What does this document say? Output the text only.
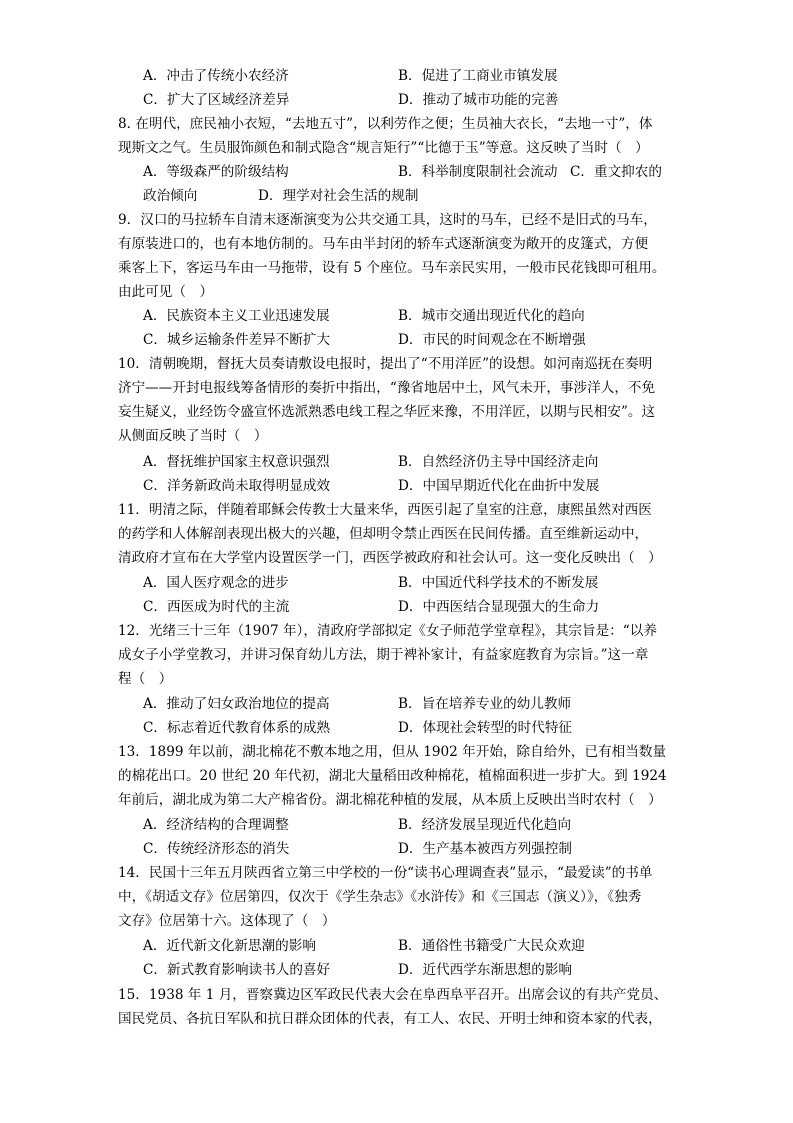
A．冲击了传统小农经济	B．促进了工商业市镇发展
C．扩大了区域经济差异	D．推动了城市功能的完善
8. 在明代，庶民袖小衣短，“去地五寸”，以利劳作之便；生员袖大衣长，“去地一寸”，体
现斯文之气。生员服饰颜色和制式隐含“规言矩行”“比德于玉”等意。这反映了当时（　）
A．等级森严的阶级结构	B．科举制度限制社会流动 C．重文抑农的
政治倾向	D．理学对社会生活的规制
9．汉口的马拉轿车自清末逐渐演变为公共交通工具，这时的马车，已经不是旧式的马车，
有原装进口的，也有本地仿制的。马车由半封闭的轿车式逐渐演变为敞开的皮篷式，方便
乘客上下，客运马车由一马拖带，设有 5 个座位。马车亲民实用，一般市民花钱即可租用。
由此可见（　）
A．民族资本主义工业迅速发展	B．城市交通出现近代化的趋向
C．城乡运输条件差异不断扩大	D．市民的时间观念在不断增强
10．清朝晚期，督抚大员奏请敷设电报时，提出了“不用洋匠”的设想。如河南巡抚在奏明
济宁——开封电报线筹备情形的奏折中指出，“豫省地居中土，风气未开，事涉洋人，不免
妄生疑义，业经饬令盛宣怀选派熟悉电线工程之华匠来豫，不用洋匠，以期与民相安”。这
从侧面反映了当时（　）
A．督抚维护国家主权意识强烈	B．自然经济仍主导中国经济走向
C．洋务新政尚未取得明显成效	D．中国早期近代化在曲折中发展
11．明清之际，伴随着耶稣会传教士大量来华，西医引起了皇室的注意，康熙虽然对西医
的药学和人体解剖表现出极大的兴趣，但却明令禁止西医在民间传播。直至维新运动中，
清政府才宣布在大学堂内设置医学一门，西医学被政府和社会认可。这一变化反映出（　）
A．国人医疗观念的进步	B．中国近代科学技术的不断发展
C．西医成为时代的主流	D．中西医结合显现强大的生命力
12．光绪三十三年（1907 年），清政府学部拟定《女子师范学堂章程》，其宗旨是：“以养
成女子小学堂教习，并讲习保育幼儿方法，期于裨补家计，有益家庭教育为宗旨。”这一章
程（　）
A．推动了妇女政治地位的提高	B．旨在培养专业的幼儿教师
C．标志着近代教育体系的成熟	D．体现社会转型的时代特征
13．1899 年以前，湖北棉花不敷本地之用，但从 1902 年开始，除自给外，已有相当数量
的棉花出口。20 世纪 20 年代初，湖北大量稻田改种棉花，植棉面积进一步扩大。到 1924
年前后，湖北成为第二大产棉省份。湖北棉花种植的发展，从本质上反映出当时农村（　）
A．经济结构的合理调整	B．经济发展呈现近代化趋向
C．传统经济形态的消失	D．生产基本被西方列强控制
14．民国十三年五月陕西省立第三中学校的一份“读书心理调查表”显示，“最爱读”的书单
中，《胡适文存》位居第四，仅次于《学生杂志》《水浒传》和《三国志（演义）》，《独秀
文存》位居第十六。这体现了（　）
A．近代新文化新思潮的影响	B．通俗性书籍受广大民众欢迎
C．新式教育影响读书人的喜好	D．近代西学东渐思想的影响
15．1938 年 1 月，晋察冀边区军政民代表大会在阜西阜平召开。出席会议的有共产党员、
国民党员、各抗日军队和抗日群众团体的代表，有工人、农民、开明士绅和资本家的代表，
